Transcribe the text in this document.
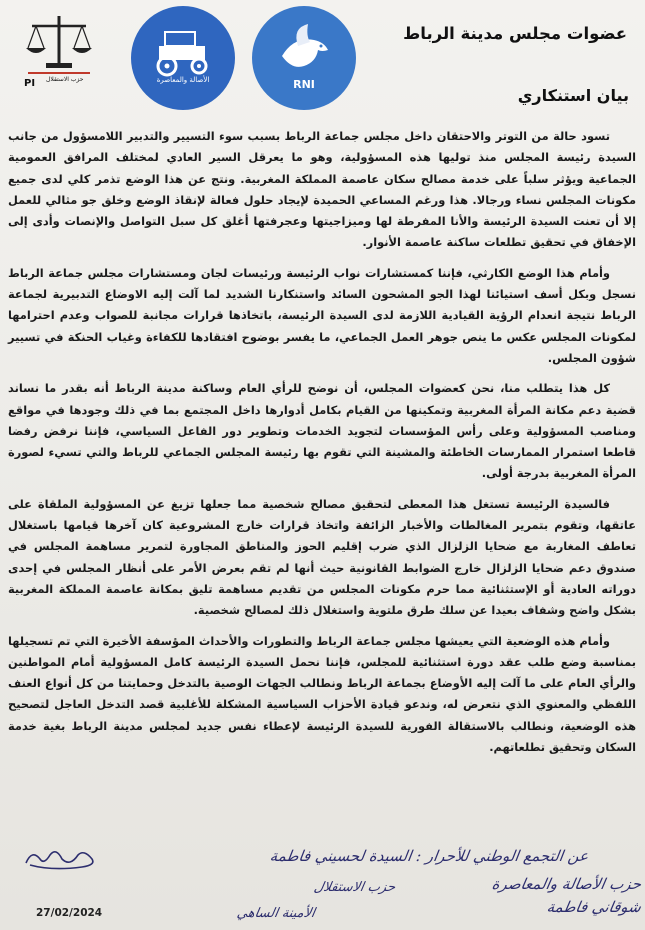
PI حزب الاستقلال	الأصالة والمعاصرة	RNI
عضوات مجلس مدينة الرباط
بيان استنكاري

تسود حالة من التوتر والاحتقان داخل مجلس جماعة الرباط بسبب سوء التسيير والتدبير اللامسؤول من جانب السيدة رئيسة المجلس منذ توليها هذه المسؤولية، وهو ما يعرقل السير العادي لمختلف المرافق العمومية الجماعية ويؤثر سلباً على خدمة مصالح سكان عاصمة المملكة المغربية. ونتج عن هذا الوضع تذمر كلي لدى جميع مكونات المجلس نساء ورجالا. هذا ورغم المساعي الحميدة لإيجاد حلول فعالة لإنقاذ الوضع وخلق جو مثالي للعمل إلا أن تعنت السيدة الرئيسة والأنا المفرطة لها وميزاجيتها وعجرفتها أغلق كل سبل التواصل والإنصات وأدى إلى الإخفاق في تحقيق تطلعات ساكنة عاصمة الأنوار.

وأمام هذا الوضع الكارثي، فإننا كمستشارات نواب الرئيسة ورئيسات لجان ومستشارات مجلس جماعة الرباط نسجل وبكل أسف استيائنا لهذا الجو المشحون السائد واستنكارنا الشديد لما آلت إليه الاوضاع التدبيرية لجماعة الرباط نتيجة انعدام الرؤية القيادية اللازمة لدى السيدة الرئيسة، باتخاذها قرارات مجانبة للصواب وعدم احترامها لمكونات المجلس عكس ما ينص جوهر العمل الجماعي، ما يفسر بوضوح افتقادها للكفاءة وغياب الحنكة في تسيير شؤون المجلس.

كل هذا يتطلب منا، نحن كعضوات المجلس، أن نوضح للرأي العام وساكنة مدينة الرباط أنه بقدر ما نساند قضية دعم مكانة المرأة المغربية وتمكينها من القيام بكامل أدوارها داخل المجتمع بما في ذلك وجودها في مواقع ومناصب المسؤولية وعلى رأس المؤسسات لتجويد الخدمات وتطوير دور الفاعل السياسي، فإننا نرفض رفضا قاطعا استمرار الممارسات الخاطئة والمشينة التي تقوم بها رئيسة المجلس الجماعي للرباط والتي تسيء لصورة المرأة المغربية بدرجة أولى.

فالسيدة الرئيسة تستغل هذا المعطى لتحقيق مصالح شخصية مما جعلها تزيغ عن المسؤولية الملقاة على عاتقها، وتقوم بتمرير المغالطات والأخبار الزائفة واتخاذ قرارات خارج المشروعية كان آخرها قيامها باستغلال تعاطف المغاربة مع ضحايا الزلزال الذي ضرب إقليم الحوز والمناطق المجاورة لتمرير مساهمة المجلس في صندوق دعم ضحايا الزلزال خارج الضوابط القانونية حيث أنها لم تقم بعرض الأمر على أنظار المجلس في إحدى دوراته العادية أو الإستثنائية مما حرم مكونات المجلس من تقديم مساهمة تليق بمكانة عاصمة المملكة المغربية بشكل واضح وشفاف بعيدا عن سلك طرق ملتوية واستغلال ذلك لمصالح شخصية.

وأمام هذه الوضعية التي يعيشها مجلس جماعة الرباط والتطورات والأحداث المؤسفة الأخيرة التي تم تسجيلها بمناسبة وضع طلب عقد دورة استثنائية للمجلس، فإننا نحمل السيدة الرئيسة كامل المسؤولية أمام المواطنين والرأي العام على ما آلت إليه الأوضاع بجماعة الرباط ونطالب الجهات الوصية بالتدخل وحمايتنا من كل أنواع العنف اللفظي والمعنوي الذي نتعرض له، وندعو قيادة الأحزاب السياسية المشكلة للأغلبية قصد التدخل العاجل لتصحيح هذه الوضعية، ونطالب بالاستقالة الفورية للسيدة الرئيسة لإعطاء نفس جديد لمجلس مدينة الرباط بغية خدمة السكان وتحقيق تطلعاتهم.

عن التجمع الوطني للأحرار : السيدة لحسيني فاطمة
حزب الأصالة والمعاصرة
شوقاني فاطمة
حزب الاستقلال
الأمينة الساهي
27/02/2024
